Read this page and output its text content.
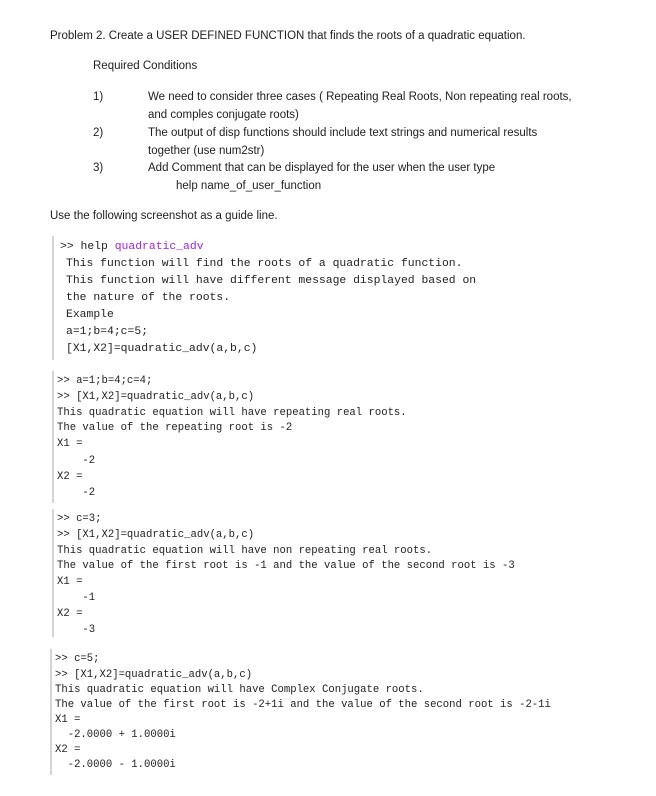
Problem 2. Create a USER DEFINED FUNCTION that finds the roots of a quadratic equation.
Required Conditions
1)	We need to consider three cases ( Repeating Real Roots, Non repeating real roots,
and comples conjugate roots)
2)	The output of disp functions should include text strings and numerical results
together (use num2str)
3)	Add Comment that can be displayed for the user when the user type
help name_of_user_function
Use the following screenshot as a guide line.
>> help quadratic_adv
This function will find the roots of a quadratic function.
This function will have different message displayed based on
the nature of the roots.
Example
a=1;b=4;c=5;
[X1,X2]=quadratic_adv(a,b,c)
>> a=1;b=4;c=4;
>> [X1,X2]=quadratic_adv(a,b,c)
This quadratic equation will have repeating real roots.
The value of the repeating root is -2
X1 =
-2
X2 =
-2
>> c=3;
>> [X1,X2]=quadratic_adv(a,b,c)
This quadratic equation will have non repeating real roots.
The value of the first root is -1 and the value of the second root is -3
X1 =
-1
X2 =
-3
>> c=5;
>> [X1,X2]=quadratic_adv(a,b,c)
This quadratic equation will have Complex Conjugate roots.
The value of the first root is -2+1i and the value of the second root is -2-1i
X1 =
-2.0000 + 1.0000i
X2 =
-2.0000 - 1.0000i
